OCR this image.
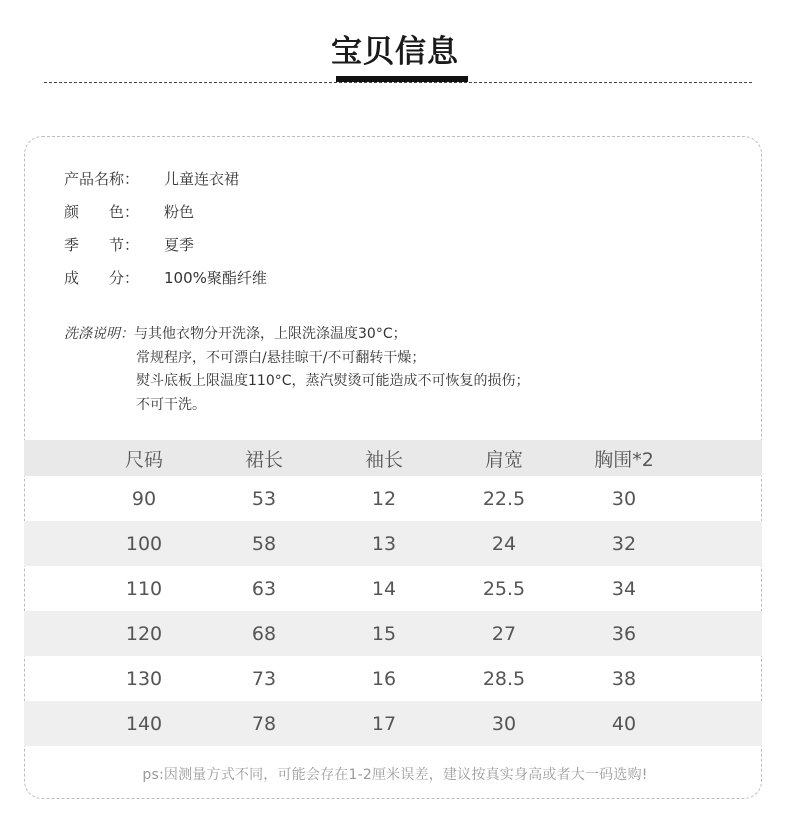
宝贝信息
产品名称： 儿童连衣裙
颜　　色： 粉色
季　　节： 夏季
成　　分： 100%聚酯纤维
洗涤说明：与其他衣物分开洗涤，上限洗涤温度30°C；
常规程序，不可漂白/悬挂晾干/不可翻转干燥；
熨斗底板上限温度110°C，蒸汽熨烫可能造成不可恢复的损伤；
不可干洗。
尺码	裙长	袖长	肩宽	胸围*2
90	53	12	22.5	30
100	58	13	24	32
110	63	14	25.5	34
120	68	15	27	36
130	73	16	28.5	38
140	78	17	30	40
ps:因测量方式不同，可能会存在1-2厘米误差，建议按真实身高或者大一码选购!
